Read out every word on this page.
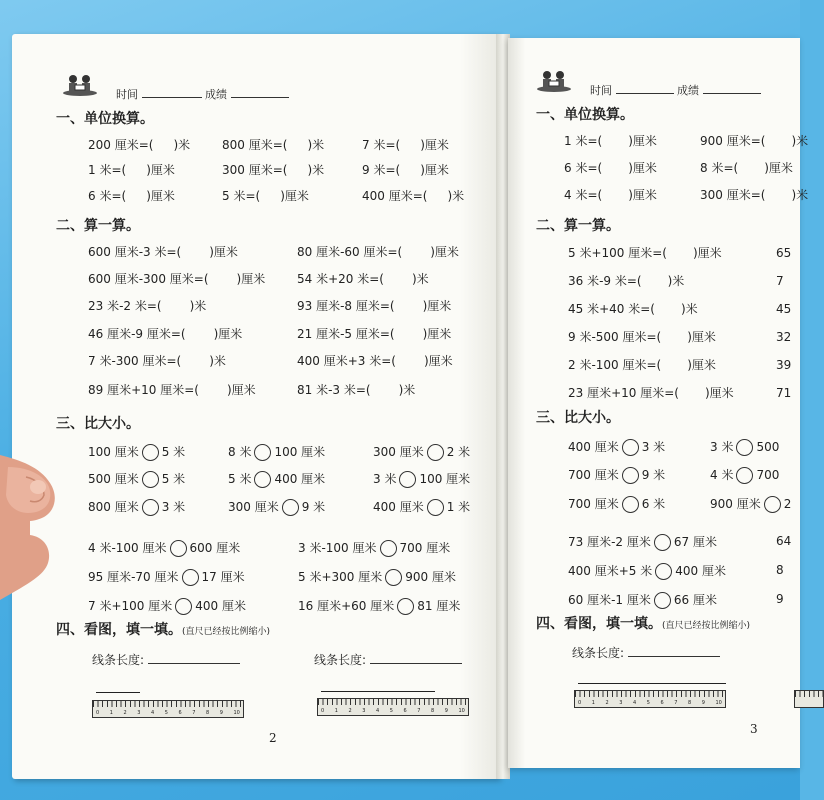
时间	成绩
一、单位换算。
200 厘米=( )米	800 厘米=( )米	7 米=( )厘米
1 米=( )厘米	300 厘米=( )米	9 米=( )厘米
6 米=( )厘米	5 米=( )厘米	400 厘米=( )米
二、算一算。
600 厘米-3 米=( )厘米	80 厘米-60 厘米=( )厘米
600 厘米-300 厘米=( )厘米	54 米+20 米=( )米
23 米-2 米=( )米	93 厘米-8 厘米=( )厘米
46 厘米-9 厘米=( )厘米	21 厘米-5 厘米=( )厘米
7 米-300 厘米=( )米	400 厘米+3 米=( )厘米
89 厘米+10 厘米=( )厘米	81 米-3 米=( )米
三、比大小。
100 厘米 5 米	8 米 100 厘米	300 厘米 2 米
500 厘米 5 米	5 米 400 厘米	3 米 100 厘米
800 厘米 3 米	300 厘米 9 米	400 厘米 1 米
4 米-100 厘米 600 厘米	3 米-100 厘米 700 厘米
95 厘米-70 厘米 17 厘米	5 米+300 厘米 900 厘米
7 米+100 厘米 400 厘米	16 厘米+60 厘米 81 厘米
四、看图，填一填。(直尺已经按比例缩小)
线条长度:	线条长度:
0 1 2 3 4 5 6 7 8 9 10	0 1 2 3 4 5 6 7 8 9 10
2
时间	成绩
一、单位换算。
1 米=( )厘米	900 厘米=( )米
6 米=( )厘米	8 米=( )厘米
4 米=( )厘米	300 厘米=( )米
二、算一算。
5 米+100 厘米=( )厘米	65
36 米-9 米=( )米	7
45 米+40 米=( )米	45
9 米-500 厘米=( )厘米	32
2 米-100 厘米=( )厘米	39
23 厘米+10 厘米=( )厘米	71
三、比大小。
400 厘米 3 米	3 米 500
700 厘米 9 米	4 米 700
700 厘米 6 米	900 厘米 2
73 厘米-2 厘米 67 厘米	64
400 厘米+5 米 400 厘米	8
60 厘米-1 厘米 66 厘米	9
四、看图，填一填。(直尺已经按比例缩小)
线条长度:
0 1 2 3 4 5 6 7 8 9 10
3
